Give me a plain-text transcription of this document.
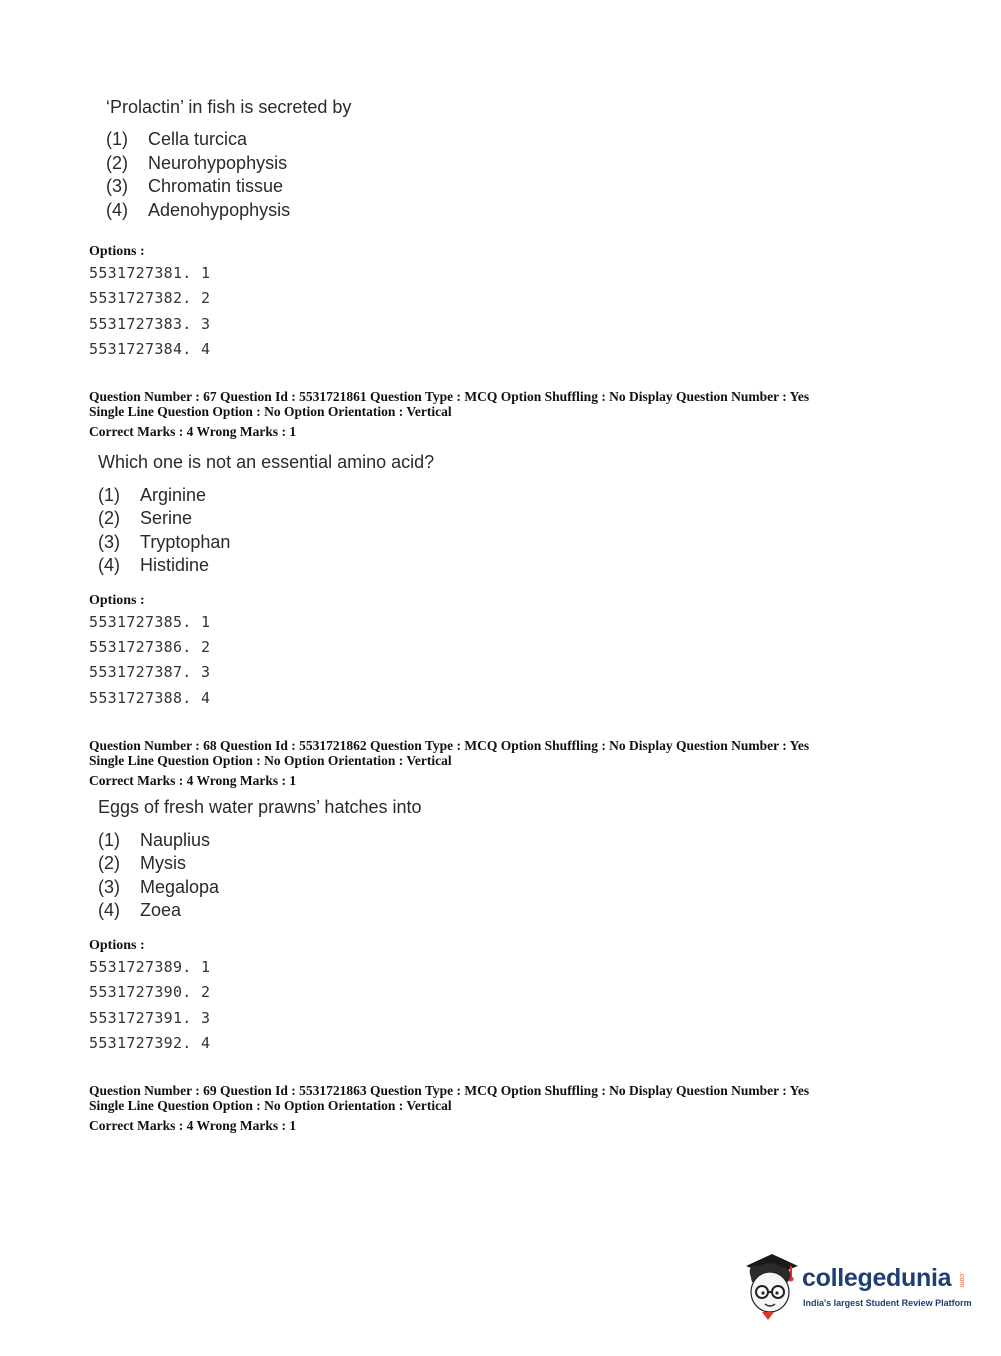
‘Prolactin’ in fish is secreted by
(1)	Cella turcica
(2)	Neurohypophysis
(3)	Chromatin tissue
(4)	Adenohypophysis
Options :
5531727381. 1
5531727382. 2
5531727383. 3
5531727384. 4
Question Number : 67 Question Id : 5531721861 Question Type : MCQ Option Shuffling : No Display Question Number : Yes
Single Line Question Option : No Option Orientation : Vertical
Correct Marks : 4 Wrong Marks : 1
Which one is not an essential amino acid?
(1)	Arginine
(2)	Serine
(3)	Tryptophan
(4)	Histidine
Options :
5531727385. 1
5531727386. 2
5531727387. 3
5531727388. 4
Question Number : 68 Question Id : 5531721862 Question Type : MCQ Option Shuffling : No Display Question Number : Yes
Single Line Question Option : No Option Orientation : Vertical
Correct Marks : 4 Wrong Marks : 1
Eggs of fresh water prawns’ hatches into
(1)	Nauplius
(2)	Mysis
(3)	Megalopa
(4)	Zoea
Options :
5531727389. 1
5531727390. 2
5531727391. 3
5531727392. 4
Question Number : 69 Question Id : 5531721863 Question Type : MCQ Option Shuffling : No Display Question Number : Yes
Single Line Question Option : No Option Orientation : Vertical
Correct Marks : 4 Wrong Marks : 1
collegedunia .com
India's largest Student Review Platform
